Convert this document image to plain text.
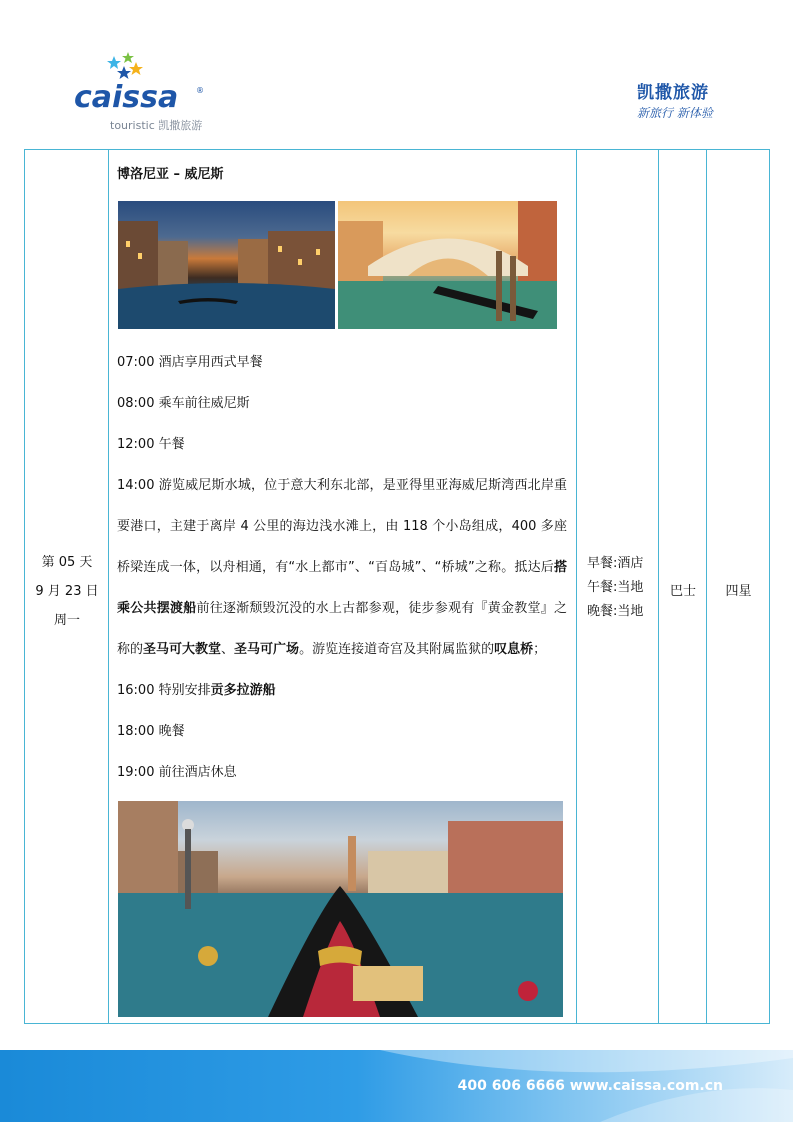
caissa ®
touristic 凯撒旅游
凯撒旅游
新旅行 新体验
第 05 天
9 月 23 日
周一
博洛尼亚 – 威尼斯

07:00 酒店享用西式早餐

08:00 乘车前往威尼斯

12:00 午餐

14:00 游览威尼斯水城，位于意大利东北部，是亚得里亚海威尼斯湾西北岸重要港口，主建于离岸 4 公里的海边浅水滩上，由 118 个小岛组成，400 多座桥梁连成一体，以舟相通，有“水上都市”、“百岛城”、“桥城”之称。抵达后搭乘公共摆渡船前往逐渐颓毁沉没的水上古都参观，徒步参观有『黄金教堂』之称的圣马可大教堂、圣马可广场。游览连接道奇宫及其附属监狱的叹息桥；

16:00 特别安排贡多拉游船

18:00 晚餐

19:00 前往酒店休息

早餐:酒店
午餐:当地
晚餐:当地
巴士	四星
400 606 6666 www.caissa.com.cn
